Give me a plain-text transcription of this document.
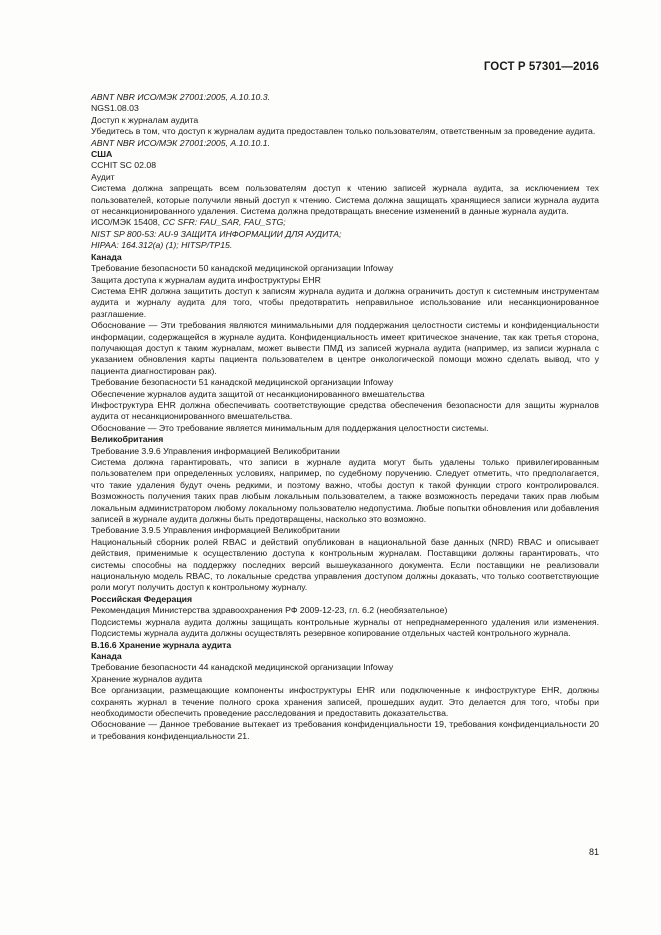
ГОСТ Р 57301—2016

ABNT NBR ИСО/МЭК 27001:2005, А.10.10.3.

NGS1.08.03

Доступ к журналам аудита

Убедитесь в том, что доступ к журналам аудита предоставлен только пользователям, ответственным за проведение аудита.

ABNT NBR ИСО/МЭК 27001:2005, А.10.10.1.

США

CCHIT SC 02.08

Аудит

Система должна запрещать всем пользователям доступ к чтению записей журнала аудита, за исключением тех пользователей, которые получили явный доступ к чтению. Система должна защищать хранящиеся записи журнала аудита от несанкционированного удаления. Система должна предотвращать внесение изменений в данные журнала аудита.

ИСО/МЭК 15408, CC SFR: FAU_SAR, FAU_STG;

NIST SP 800-53: AU-9 ЗАЩИТА ИНФОРМАЦИИ ДЛЯ АУДИТА;

HIPAA: 164.312(a) (1); HITSP/TP15.

Канада

Требование безопасности 50 канадской медицинской организации Infoway

Защита доступа к журналам аудита инфоструктуры EHR

Система EHR должна защитить доступ к записям журнала аудита и должна ограничить доступ к системным инструментам аудита и журналу аудита для того, чтобы предотвратить неправильное использование или несанкционированное разглашение.

Обоснование — Эти требования являются минимальными для поддержания целостности системы и конфиденциальности информации, содержащейся в журнале аудита. Конфиденциальность имеет критическое значение, так как третья сторона, получающая доступ к таким журналам, может вывести ПМД из записей журнала аудита (например, из записи журнала с указанием обновления карты пациента пользователем в центре онкологической помощи можно сделать вывод, что у пациента диагностирован рак).

Требование безопасности 51 канадской медицинской организации Infoway

Обеспечение журналов аудита защитой от несанкционированного вмешательства

Инфоструктура EHR должна обеспечивать соответствующие средства обеспечения безопасности для защиты журналов аудита от несанкционированного вмешательства.

Обоснование — Это требование является минимальным для поддержания целостности системы.

Великобритания

Требование 3.9.6 Управления информацией Великобритании

Система должна гарантировать, что записи в журнале аудита могут быть удалены только привилегированным пользователем при определенных условиях, например, по судебному поручению. Следует отметить, что предполагается, что такие удаления будут очень редкими, и поэтому важно, чтобы доступ к такой функции строго контролировался. Возможность получения таких прав любым локальным пользователем, а также возможность передачи таких прав любым локальным администратором любому локальному пользователю недопустима. Любые попытки обновления или добавления записей в журнале аудита должны быть предотвращены, насколько это возможно.

Требование 3.9.5 Управления информацией Великобритании

Национальный сборник ролей RBAC и действий опубликован в национальной базе данных (NRD) RBAC и описывает действия, применимые к осуществлению доступа к контрольным журналам. Поставщики должны гарантировать, что системы способны на поддержку последних версий вышеуказанного документа. Если поставщики не реализовали национальную модель RBAC, то локальные средства управления доступом должны доказать, что только соответствующие роли могут получить доступ к контрольному журналу.

Российская Федерация

Рекомендация Министерства здравоохранения РФ 2009-12-23, гл. 6.2 (необязательное)

Подсистемы журнала аудита должны защищать контрольные журналы от непреднамеренного удаления или изменения. Подсистемы журнала аудита должны осуществлять резервное копирование отдельных частей контрольного журнала.

В.16.6 Хранение журнала аудита

Канада

Требование безопасности 44 канадской медицинской организации Infoway

Хранение журналов аудита

Все организации, размещающие компоненты инфоструктуры EHR или подключенные к инфоструктуре EHR, должны сохранять журнал в течение полного срока хранения записей, прошедших аудит. Это делается для того, чтобы при необходимости обеспечить проведение расследования и предоставить доказательства.

Обоснование — Данное требование вытекает из требования конфиденциальности 19, требования конфиденциальности 20 и требования конфиденциальности 21.

81
